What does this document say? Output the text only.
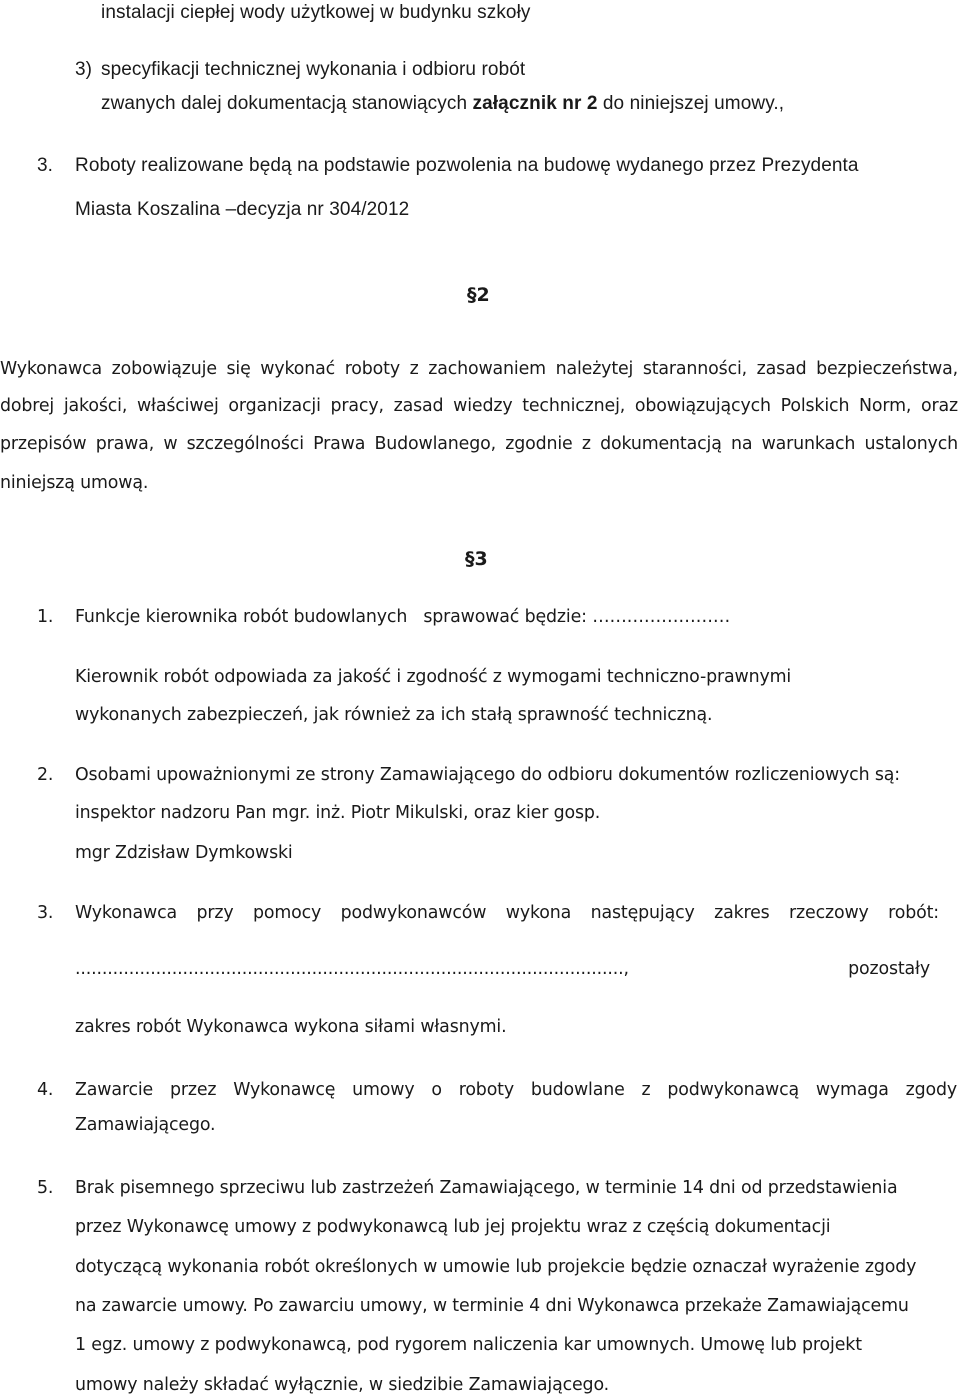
instalacji ciepłej wody użytkowej w budynku szkoły
3) specyfikacji technicznej wykonania i odbioru robót
zwanych dalej dokumentacją stanowiących załącznik nr 2 do niniejszej umowy.,
3. Roboty realizowane będą na podstawie pozwolenia na budowę wydanego przez Prezydenta
Miasta Koszalina –decyzja nr 304/2012
§2
Wykonawca zobowiązuje się wykonać roboty z zachowaniem należytej staranności, zasad bezpieczeństwa,
dobrej jakości, właściwej organizacji pracy, zasad wiedzy technicznej, obowiązujących Polskich Norm, oraz
przepisów prawa, w szczególności Prawa Budowlanego, zgodnie z dokumentacją na warunkach ustalonych
niniejszą umową.
§3
1. Funkcje kierownika robót budowlanych   sprawować będzie: ……………………
Kierownik robót odpowiada za jakość i zgodność z wymogami techniczno-prawnymi
wykonanych zabezpieczeń, jak również za ich stałą sprawność techniczną.
2. Osobami upoważnionymi ze strony Zamawiającego do odbioru dokumentów rozliczeniowych są:
inspektor nadzoru Pan mgr. inż. Piotr Mikulski, oraz kier gosp.
mgr Zdzisław Dymkowski
3. Wykonawca przy pomocy podwykonawców wykona następujący zakres rzeczowy robót:
......................................................................................................, pozostały
zakres robót Wykonawca wykona siłami własnymi.
4. Zawarcie przez Wykonawcę umowy o roboty budowlane z podwykonawcą wymaga zgody
Zamawiającego.
5. Brak pisemnego sprzeciwu lub zastrzeżeń Zamawiającego, w terminie 14 dni od przedstawienia
przez Wykonawcę umowy z podwykonawcą lub jej projektu wraz z częścią dokumentacji
dotyczącą wykonania robót określonych w umowie lub projekcie będzie oznaczał wyrażenie zgody
na zawarcie umowy. Po zawarciu umowy, w terminie 4 dni Wykonawca przekaże Zamawiającemu
1 egz. umowy z podwykonawcą, pod rygorem naliczenia kar umownych. Umowę lub projekt
umowy należy składać wyłącznie, w siedzibie Zamawiającego.
